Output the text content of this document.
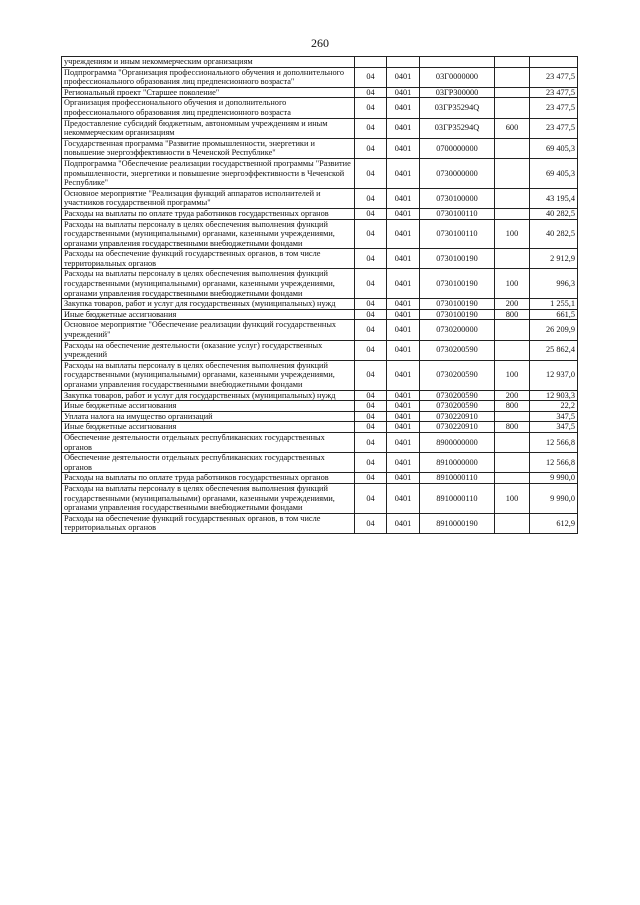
260
учреждениям и иным некоммерческим организациям					
Подпрограмма "Организация профессионального обучения и дополнительного профессионального образования лиц предпенсионного возраста"	04	0401	03Г0000000		23 477,5
Региональный проект "Старшее поколение"	04	0401	03ГР300000		23 477,5
Организация профессионального обучения и дополнительного профессионального образования лиц предпенсионного возраста	04	0401	03ГР35294Q		23 477,5
Предоставление субсидий бюджетным, автономным учреждениям и иным некоммерческим организациям	04	0401	03ГР35294Q	600	23 477,5
Государственная программа "Развитие промышленности, энергетики и повышение энергоэффективности в Чеченской Республике"	04	0401	0700000000		69 405,3
Подпрограмма "Обеспечение реализации государственной программы "Развитие промышленности, энергетики и повышение энергоэффективности в Чеченской Республике"	04	0401	0730000000		69 405,3
Основное мероприятие "Реализация функций аппаратов исполнителей и участников государственной программы"	04	0401	0730100000		43 195,4
Расходы на выплаты по оплате труда работников государственных органов	04	0401	0730100110		40 282,5
Расходы на выплаты персоналу в целях обеспечения выполнения функций государственными (муниципальными) органами, казенными учреждениями, органами управления государственными внебюджетными фондами	04	0401	0730100110	100	40 282,5
Расходы на обеспечение функций государственных органов, в том числе территориальных органов	04	0401	0730100190		2 912,9
Расходы на выплаты персоналу в целях обеспечения выполнения функций государственными (муниципальными) органами, казенными учреждениями, органами управления государственными внебюджетными фондами	04	0401	0730100190	100	996,3
Закупка товаров, работ и услуг для государственных (муниципальных) нужд	04	0401	0730100190	200	1 255,1
Иные бюджетные ассигнования	04	0401	0730100190	800	661,5
Основное мероприятие "Обеспечение реализации функций государственных учреждений"	04	0401	0730200000		26 209,9
Расходы на обеспечение деятельности (оказание услуг) государственных учреждений	04	0401	0730200590		25 862,4
Расходы на выплаты персоналу в целях обеспечения выполнения функций государственными (муниципальными) органами, казенными учреждениями, органами управления государственными внебюджетными фондами	04	0401	0730200590	100	12 937,0
Закупка товаров, работ и услуг для государственных (муниципальных) нужд	04	0401	0730200590	200	12 903,3
Иные бюджетные ассигнования	04	0401	0730200590	800	22,2
Уплата налога на имущество организаций	04	0401	0730220910		347,5
Иные бюджетные ассигнования	04	0401	0730220910	800	347,5
Обеспечение деятельности отдельных республиканских государственных органов	04	0401	8900000000		12 566,8
Обеспечение деятельности отдельных республиканских государственных органов	04	0401	8910000000		12 566,8
Расходы на выплаты по оплате труда работников государственных органов	04	0401	8910000110		9 990,0
Расходы на выплаты персоналу в целях обеспечения выполнения функций государственными (муниципальными) органами, казенными учреждениями, органами управления государственными внебюджетными фондами	04	0401	8910000110	100	9 990,0
Расходы на обеспечение функций государственных органов, в том числе территориальных органов	04	0401	8910000190		612,9
